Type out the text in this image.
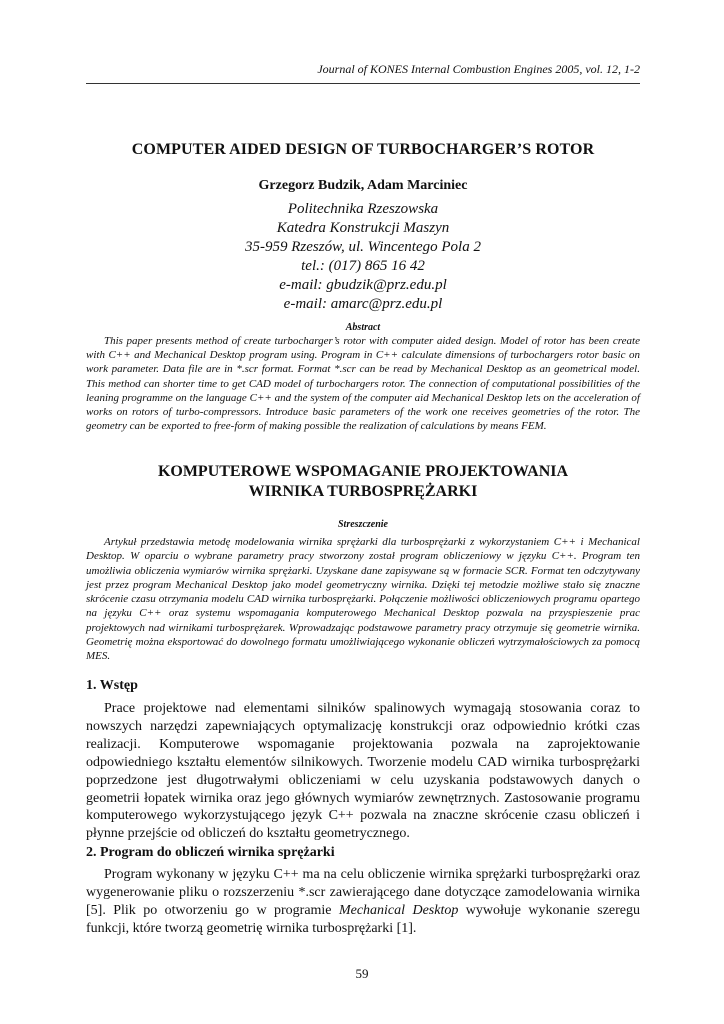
Journal of KONES Internal Combustion Engines 2005, vol. 12, 1-2
COMPUTER AIDED DESIGN OF TURBOCHARGER’S ROTOR
Grzegorz Budzik, Adam Marciniec
Politechnika Rzeszowska
Katedra Konstrukcji Maszyn
35-959 Rzeszów, ul. Wincentego Pola 2
tel.: (017) 865 16 42
e-mail: gbudzik@prz.edu.pl
e-mail: amarc@prz.edu.pl
Abstract
This paper presents method of create turbocharger’s rotor with computer aided design. Model of rotor has been create with C++ and Mechanical Desktop program using. Program in C++ calculate dimensions of turbochargers rotor basic on work parameter. Data file are in *.scr format. Format *.scr can be read by Mechanical Desktop as an geometrical model. This method can shorter time to get CAD model of turbochargers rotor. The connection of computational possibilities of the leaning programme on the language C++ and the system of the computer aid Mechanical Desktop lets on the acceleration of works on rotors of turbo-compressors. Introduce basic parameters of the work one receives geometries of the rotor. The geometry can be exported to free-form of making possible the realization of calculations by means FEM.
KOMPUTEROWE WSPOMAGANIE PROJEKTOWANIA
WIRNIKA TURBOSPRĘŻARKI
Streszczenie
Artykuł przedstawia metodę modelowania wirnika sprężarki dla turbosprężarki z wykorzystaniem C++ i Mechanical Desktop. W oparciu o wybrane parametry pracy stworzony został program obliczeniowy w języku C++. Program ten umożliwia obliczenia wymiarów wirnika sprężarki. Uzyskane dane zapisywane są w formacie SCR. Format ten odczytywany jest przez program Mechanical Desktop jako model geometryczny wirnika. Dzięki tej metodzie możliwe stało się znaczne skrócenie czasu otrzymania modelu CAD wirnika turbosprężarki. Połączenie możliwości obliczeniowych programu opartego na języku C++ oraz systemu wspomagania komputerowego Mechanical Desktop pozwala na przyspieszenie prac projektowych nad wirnikami turbosprężarek. Wprowadzając podstawowe parametry pracy otrzymuje się geometrie wirnika. Geometrię można eksportować do dowolnego formatu umożliwiającego wykonanie obliczeń wytrzymałościowych za pomocą MES.
1. Wstęp
Prace projektowe nad elementami silników spalinowych wymagają stosowania coraz to nowszych narzędzi zapewniających optymalizację konstrukcji oraz odpowiednio krótki czas realizacji. Komputerowe wspomaganie projektowania pozwala na zaprojektowanie odpowiedniego kształtu elementów silnikowych. Tworzenie modelu CAD wirnika turbosprężarki poprzedzone jest długotrwałymi obliczeniami w celu uzyskania podstawowych danych o geometrii łopatek wirnika oraz jego głównych wymiarów zewnętrznych. Zastosowanie programu komputerowego wykorzystującego język C++ pozwala na znaczne skrócenie czasu obliczeń i płynne przejście od obliczeń do kształtu geometrycznego.
2. Program do obliczeń wirnika sprężarki
Program wykonany w języku C++ ma na celu obliczenie wirnika sprężarki turbosprężarki oraz wygenerowanie pliku o rozszerzeniu *.scr zawierającego dane dotyczące zamodelowania wirnika [5]. Plik po otworzeniu go w programie Mechanical Desktop wywołuje wykonanie szeregu funkcji, które tworzą geometrię wirnika turbosprężarki [1].
59
